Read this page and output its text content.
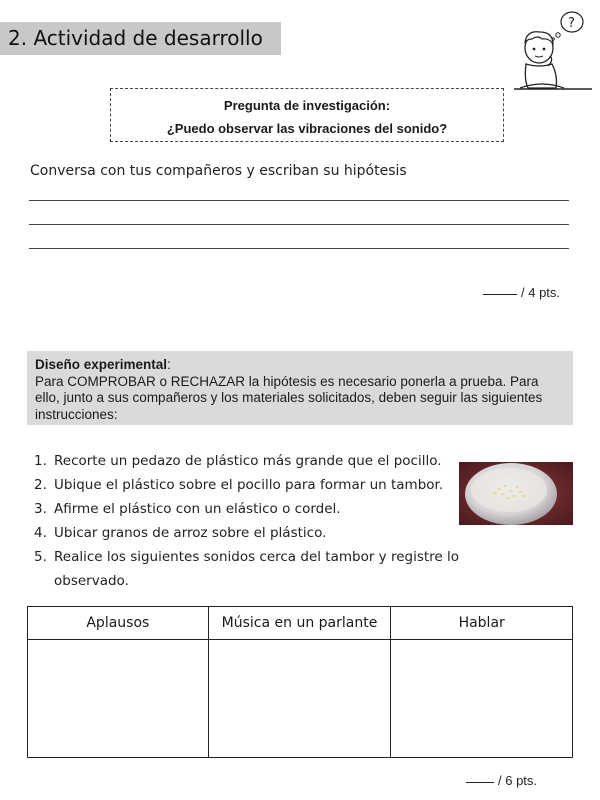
2. Actividad de desarrollo
?
Pregunta de investigación:
¿Puedo observar las vibraciones del sonido?
Conversa con tus compañeros y escriban su hipótesis
/ 4 pts.
Diseño experimental:
Para COMPROBAR o RECHAZAR la hipótesis es necesario ponerla a prueba. Para ello, junto a sus compañeros y los materiales solicitados, deben seguir las siguientes instrucciones:
1. Recorte un pedazo de plástico más grande que el pocillo.
2. Ubique el plástico sobre el pocillo para formar un tambor.
3. Afirme el plástico con un elástico o cordel.
4. Ubicar granos de arroz sobre el plástico.
5. Realice los siguientes sonidos cerca del tambor y registre lo
observado.
Aplausos	Música en un parlante	Hablar

/ 6 pts.
